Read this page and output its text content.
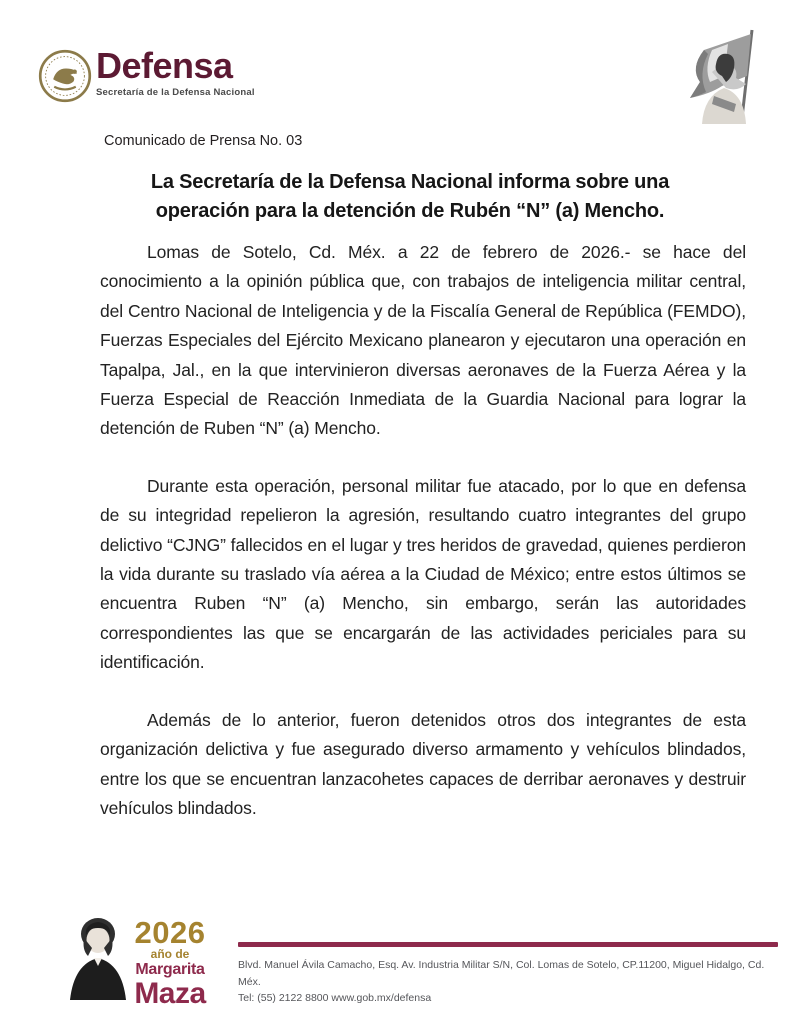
Defensa
Secretaría de la Defensa Nacional
Comunicado de Prensa No. 03
La Secretaría de la Defensa Nacional informa sobre una
operación para la detención de Rubén “N” (a) Mencho.

Lomas de Sotelo, Cd. Méx. a 22 de febrero de 2026.- se hace del conocimiento a la opinión pública que, con trabajos de inteligencia militar central, del Centro Nacional de Inteligencia y de la Fiscalía General de República (FEMDO), Fuerzas Especiales del Ejército Mexicano planearon y ejecutaron una operación en Tapalpa, Jal., en la que intervinieron diversas aeronaves de la Fuerza Aérea y la Fuerza Especial de Reacción Inmediata de la Guardia Nacional para lograr la detención de Ruben “N” (a) Mencho.

Durante esta operación, personal militar fue atacado, por lo que en defensa de su integridad repelieron la agresión, resultando cuatro integrantes del grupo delictivo “CJNG” fallecidos en el lugar y tres heridos de gravedad, quienes perdieron la vida durante su traslado vía aérea a la Ciudad de México; entre estos últimos se encuentra Ruben “N” (a) Mencho, sin embargo, serán las autoridades correspondientes las que se encargarán de las actividades periciales para su identificación.

Además de lo anterior, fueron detenidos otros dos integrantes de esta organización delictiva y fue asegurado diverso armamento y vehículos blindados, entre los que se encuentran lanzacohetes capaces de derribar aeronaves y destruir vehículos blindados.

2026
año de
Margarita
Maza
Blvd. Manuel Ávila Camacho, Esq. Av. Industria Militar S/N, Col. Lomas de Sotelo, CP.11200, Miguel Hidalgo, Cd. Méx.
Tel: (55) 2122 8800 www.gob.mx/defensa
